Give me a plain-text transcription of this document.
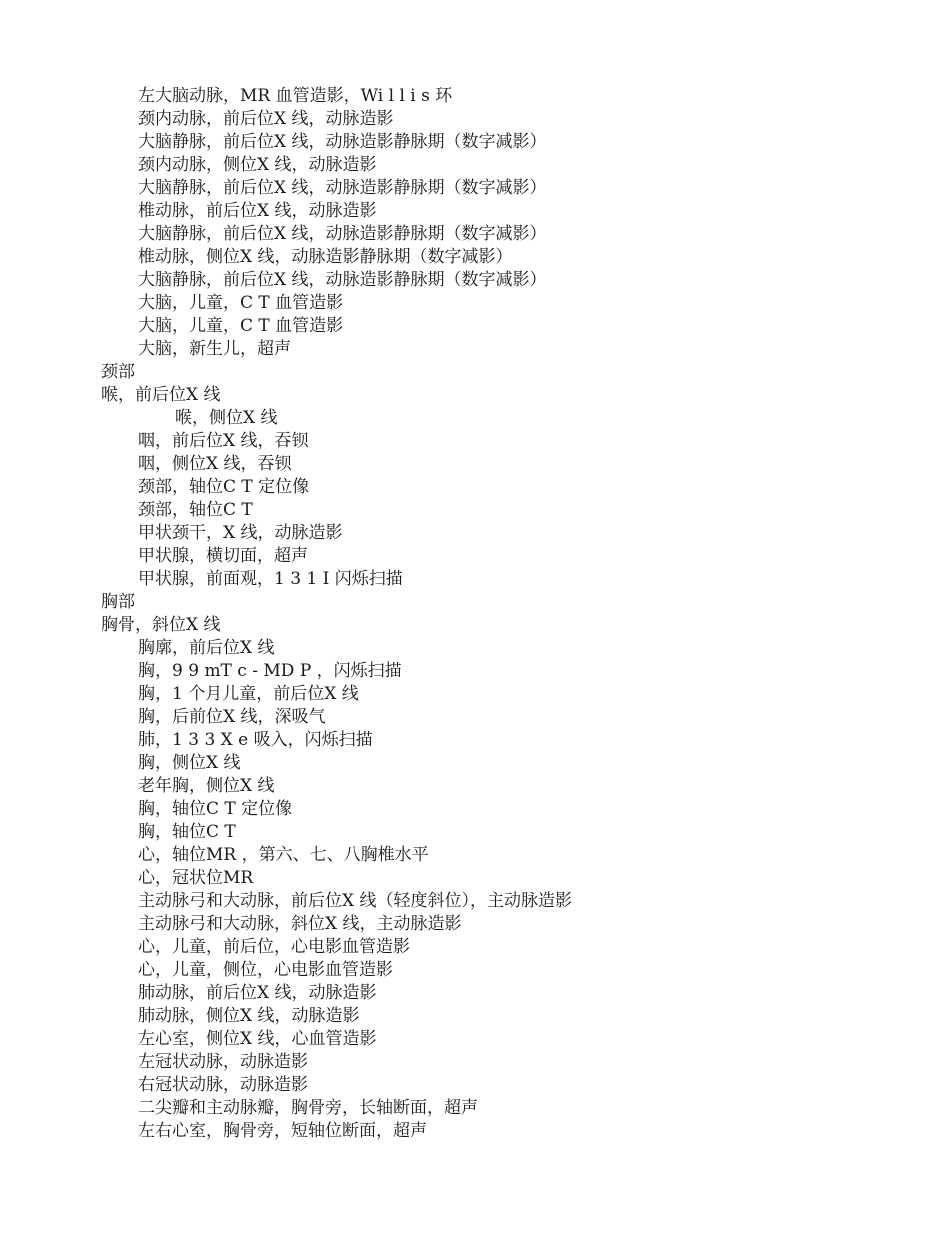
左大脑动脉，MR 血管造影，Wi l l i s 环
颈内动脉，前后位X 线，动脉造影
大脑静脉，前后位X 线，动脉造影静脉期（数字减影）
颈内动脉，侧位X 线，动脉造影
大脑静脉，前后位X 线，动脉造影静脉期（数字减影）
椎动脉，前后位X 线，动脉造影
大脑静脉，前后位X 线，动脉造影静脉期（数字减影）
椎动脉，侧位X 线，动脉造影静脉期（数字减影）
大脑静脉，前后位X 线，动脉造影静脉期（数字减影）
大脑，儿童，C T 血管造影
大脑，儿童，C T 血管造影
大脑，新生儿，超声
颈部
喉，前后位X 线
喉，侧位X 线
咽，前后位X 线，吞钡
咽，侧位X 线，吞钡
颈部，轴位C T 定位像
颈部，轴位C T
甲状颈干，X 线，动脉造影
甲状腺，横切面，超声
甲状腺，前面观，1 3 1 I 闪烁扫描
胸部
胸骨，斜位X 线
胸廓，前后位X 线
胸，9 9 mT c - MD P ，闪烁扫描
胸，1 个月儿童，前后位X 线
胸，后前位X 线，深吸气
肺，1 3 3 X e 吸入，闪烁扫描
胸，侧位X 线
老年胸，侧位X 线
胸，轴位C T 定位像
胸，轴位C T
心，轴位MR ，第六、七、八胸椎水平
心，冠状位MR
主动脉弓和大动脉，前后位X 线（轻度斜位），主动脉造影
主动脉弓和大动脉，斜位X 线，主动脉造影
心，儿童，前后位，心电影血管造影
心，儿童，侧位，心电影血管造影
肺动脉，前后位X 线，动脉造影
肺动脉，侧位X 线，动脉造影
左心室，侧位X 线，心血管造影
左冠状动脉，动脉造影
右冠状动脉，动脉造影
二尖瓣和主动脉瓣，胸骨旁，长轴断面，超声
左右心室，胸骨旁，短轴位断面，超声
